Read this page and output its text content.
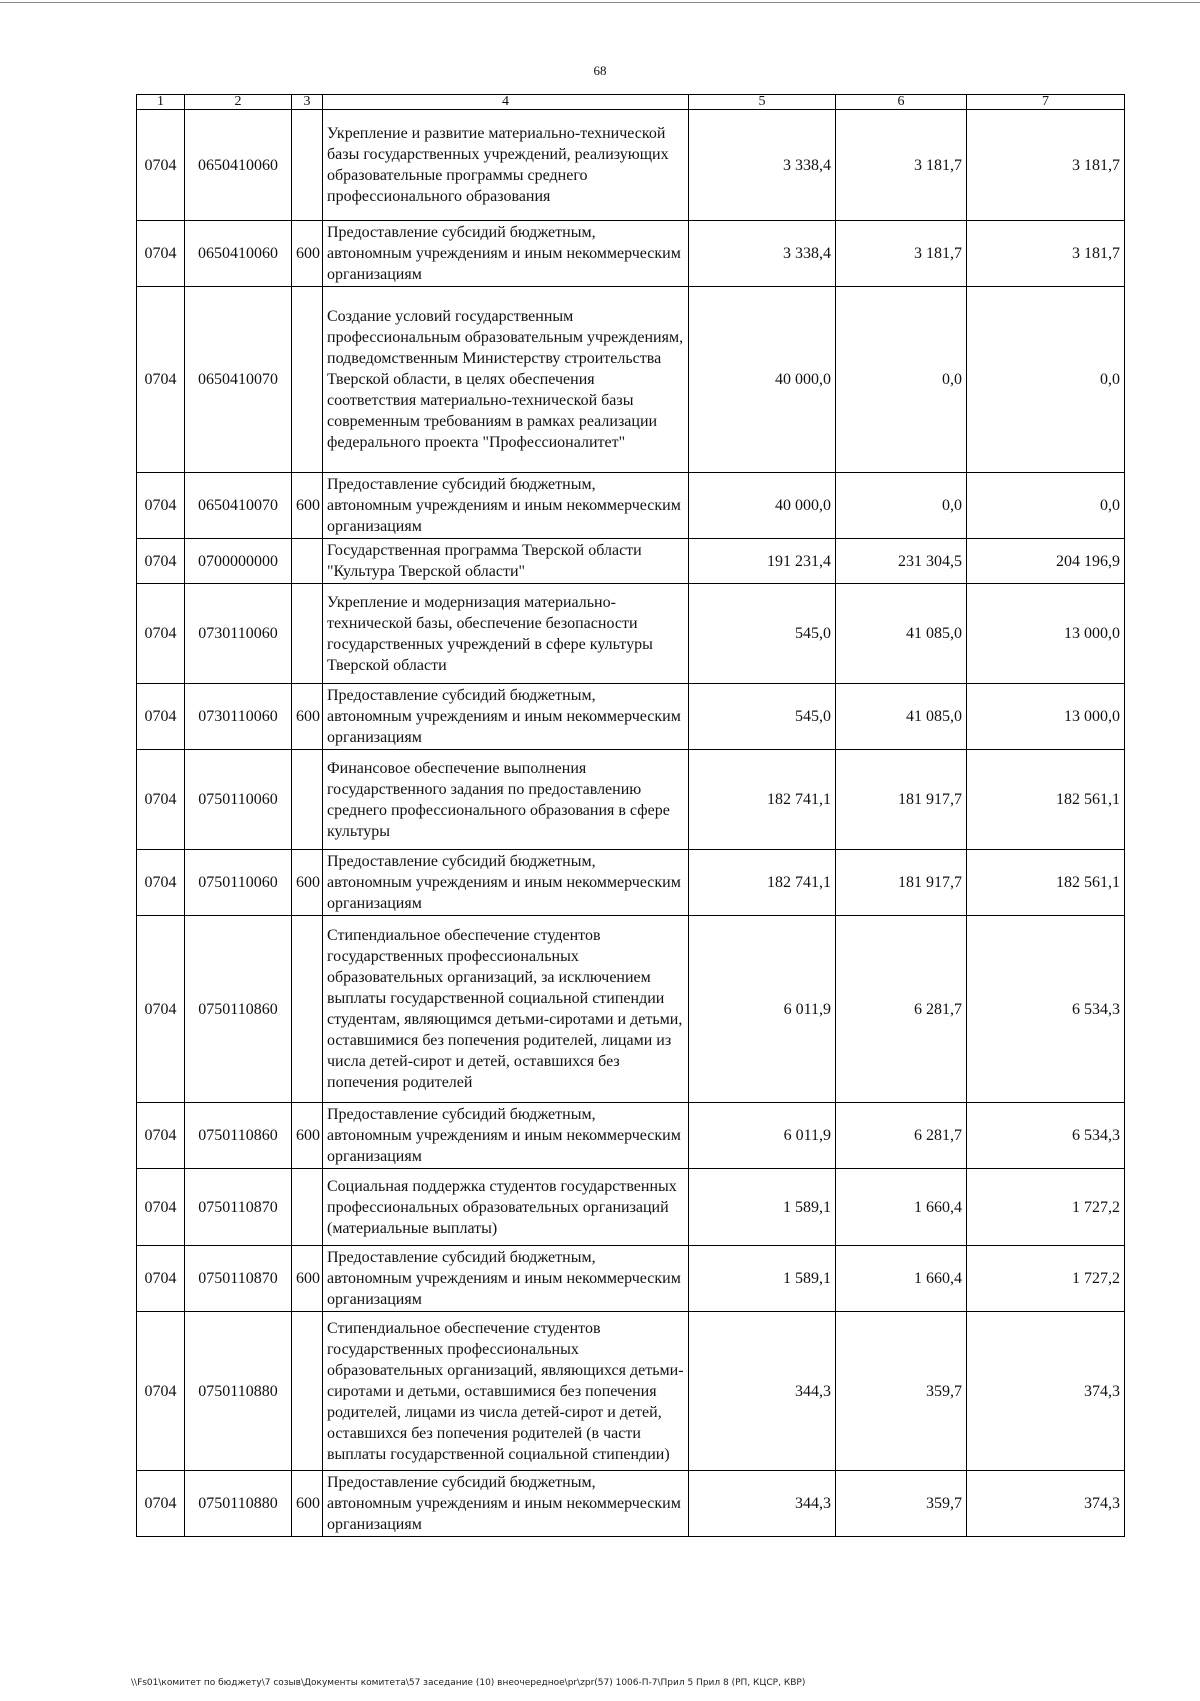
68
1	2	3	4	5	6	7
0704	0650410060		Укрепление и развитие материально-технической базы государственных учреждений, реализующих образовательные программы среднего профессионального образования	3 338,4	3 181,7	3 181,7
0704	0650410060	600	Предоставление субсидий бюджетным, автономным учреждениям и иным некоммерческим организациям	3 338,4	3 181,7	3 181,7
0704	0650410070		Создание условий государственным профессиональным образовательным учреждениям, подведомственным Министерству строительства Тверской области, в целях обеспечения соответствия материально-технической базы современным требованиям в рамках реализации федерального проекта "Профессионалитет"	40 000,0	0,0	0,0
0704	0650410070	600	Предоставление субсидий бюджетным, автономным учреждениям и иным некоммерческим организациям	40 000,0	0,0	0,0
0704	0700000000		Государственная программа Тверской области "Культура Тверской области"	191 231,4	231 304,5	204 196,9
0704	0730110060		Укрепление и модернизация материально-технической базы, обеспечение безопасности государственных учреждений в сфере культуры Тверской области	545,0	41 085,0	13 000,0
0704	0730110060	600	Предоставление субсидий бюджетным, автономным учреждениям и иным некоммерческим организациям	545,0	41 085,0	13 000,0
0704	0750110060		Финансовое обеспечение выполнения государственного задания по предоставлению среднего профессионального образования в сфере культуры	182 741,1	181 917,7	182 561,1
0704	0750110060	600	Предоставление субсидий бюджетным, автономным учреждениям и иным некоммерческим организациям	182 741,1	181 917,7	182 561,1
0704	0750110860		Стипендиальное обеспечение студентов государственных профессиональных образовательных организаций, за исключением выплаты государственной социальной стипендии студентам, являющимся детьми-сиротами и детьми, оставшимися без попечения родителей, лицами из числа детей-сирот и детей, оставшихся без попечения родителей	6 011,9	6 281,7	6 534,3
0704	0750110860	600	Предоставление субсидий бюджетным, автономным учреждениям и иным некоммерческим организациям	6 011,9	6 281,7	6 534,3
0704	0750110870		Социальная поддержка студентов государственных профессиональных образовательных организаций (материальные выплаты)	1 589,1	1 660,4	1 727,2
0704	0750110870	600	Предоставление субсидий бюджетным, автономным учреждениям и иным некоммерческим организациям	1 589,1	1 660,4	1 727,2
0704	0750110880		Стипендиальное обеспечение студентов государственных профессиональных образовательных организаций, являющихся детьми-сиротами и детьми, оставшимися без попечения родителей, лицами из числа детей-сирот и детей, оставшихся без попечения родителей (в части выплаты государственной социальной стипендии)	344,3	359,7	374,3
0704	0750110880	600	Предоставление субсидий бюджетным, автономным учреждениям и иным некоммерческим организациям	344,3	359,7	374,3
\\Fs01\комитет по бюджету\7 созыв\Документы комитета\57 заседание (10) внеочередное\pr\zpr(57) 1006-П-7\Прил 5 Прил 8 (РП, КЦСР, КВР)
